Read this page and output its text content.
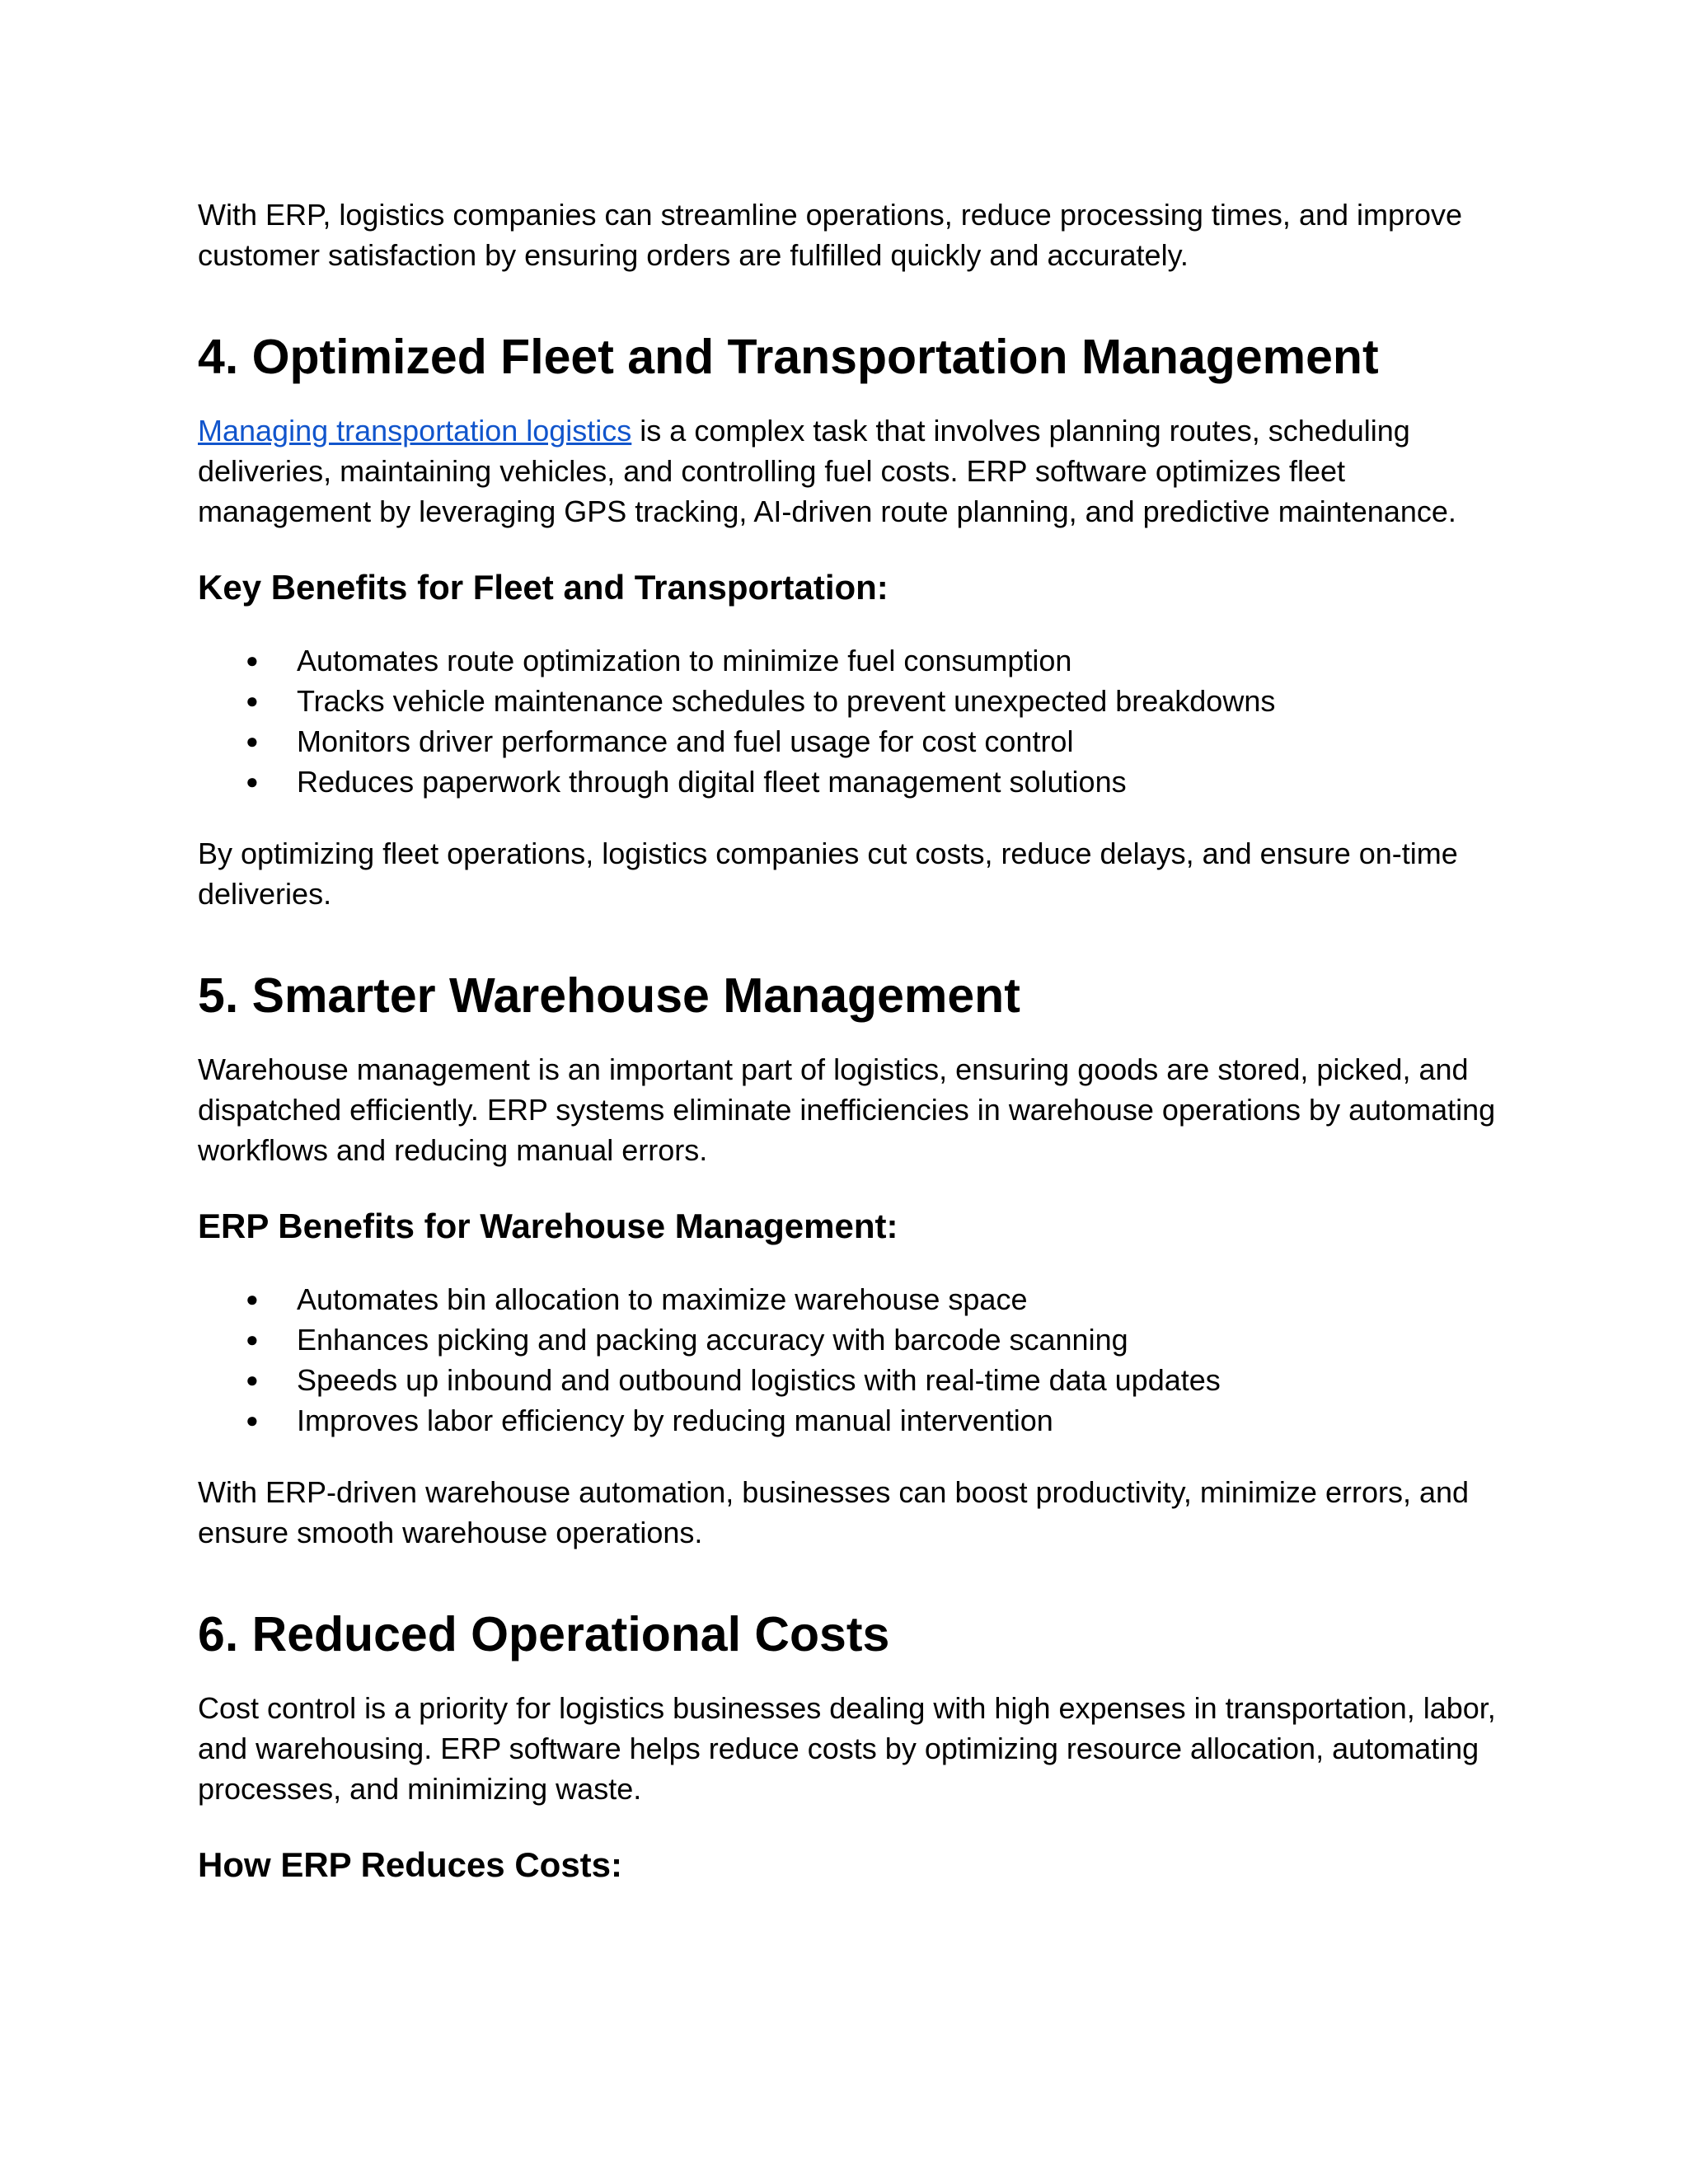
With ERP, logistics companies can streamline operations, reduce processing times, and improve customer satisfaction by ensuring orders are fulfilled quickly and accurately.

4. Optimized Fleet and Transportation Management

Managing transportation logistics is a complex task that involves planning routes, scheduling deliveries, maintaining vehicles, and controlling fuel costs. ERP software optimizes fleet management by leveraging GPS tracking, AI-driven route planning, and predictive maintenance.

Key Benefits for Fleet and Transportation:
● Automates route optimization to minimize fuel consumption
● Tracks vehicle maintenance schedules to prevent unexpected breakdowns
● Monitors driver performance and fuel usage for cost control
● Reduces paperwork through digital fleet management solutions

By optimizing fleet operations, logistics companies cut costs, reduce delays, and ensure on-time deliveries.

5. Smarter Warehouse Management

Warehouse management is an important part of logistics, ensuring goods are stored, picked, and dispatched efficiently. ERP systems eliminate inefficiencies in warehouse operations by automating workflows and reducing manual errors.

ERP Benefits for Warehouse Management:
● Automates bin allocation to maximize warehouse space
● Enhances picking and packing accuracy with barcode scanning
● Speeds up inbound and outbound logistics with real-time data updates
● Improves labor efficiency by reducing manual intervention

With ERP-driven warehouse automation, businesses can boost productivity, minimize errors, and ensure smooth warehouse operations.

6. Reduced Operational Costs

Cost control is a priority for logistics businesses dealing with high expenses in transportation, labor, and warehousing. ERP software helps reduce costs by optimizing resource allocation, automating processes, and minimizing waste.

How ERP Reduces Costs:
